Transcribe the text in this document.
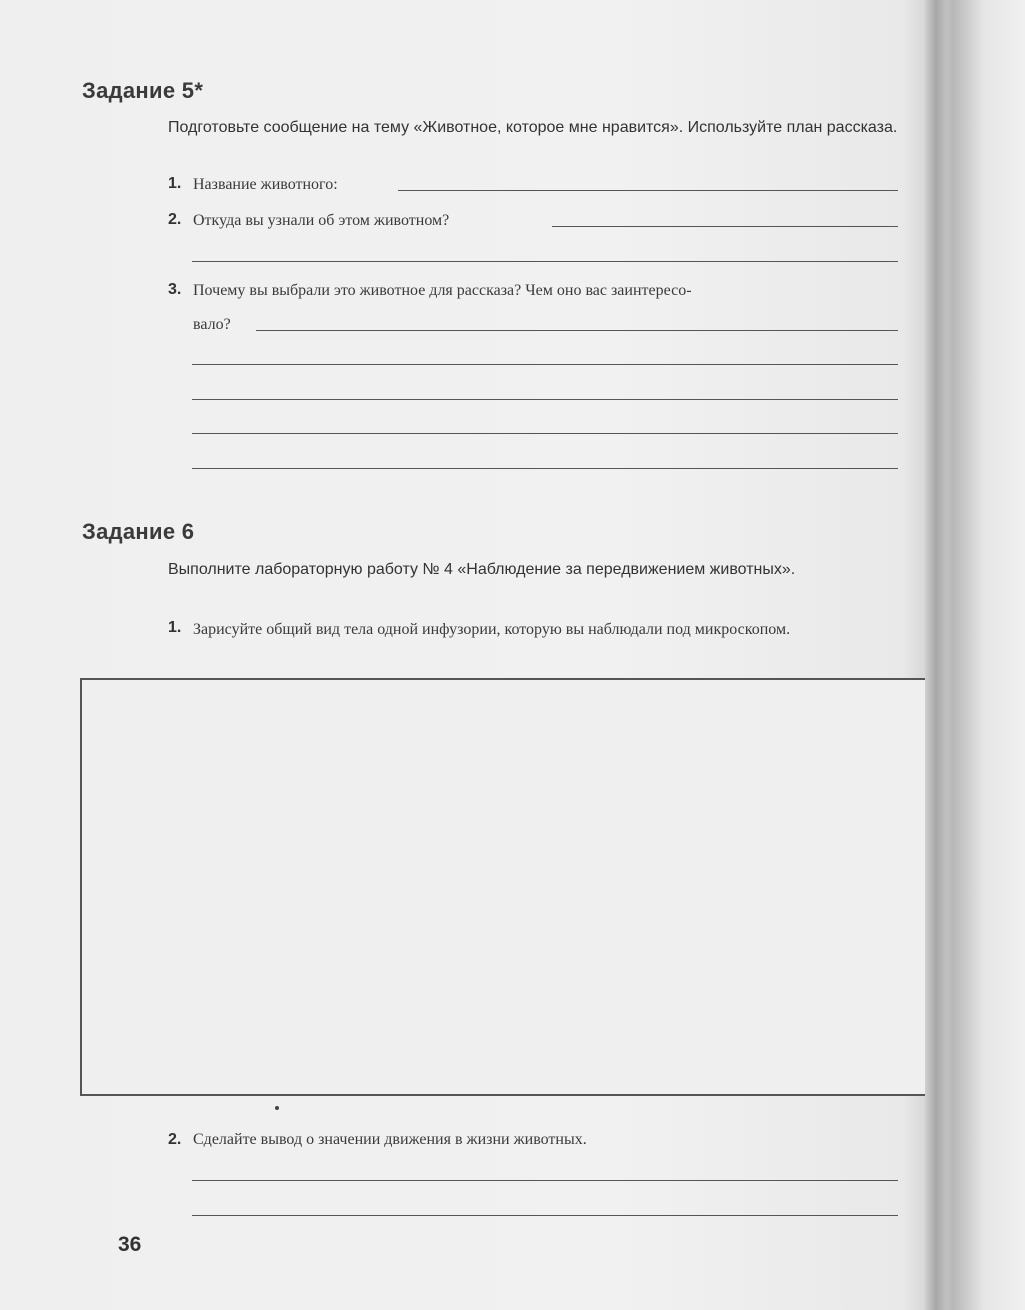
Задание 5*
Подготовьте сообщение на тему «Животное, которое мне нравится». Используйте план рассказа.
1. Название животного:
2. Откуда вы узнали об этом животном?
3. Почему вы выбрали это животное для рассказа? Чем оно вас заинтересо-
вало?
Задание 6
Выполните лабораторную работу № 4 «Наблюдение за передвижением животных».
1. Зарисуйте общий вид тела одной инфузории, которую вы наблюдали под микроскопом.
2. Сделайте вывод о значении движения в жизни животных.
36
